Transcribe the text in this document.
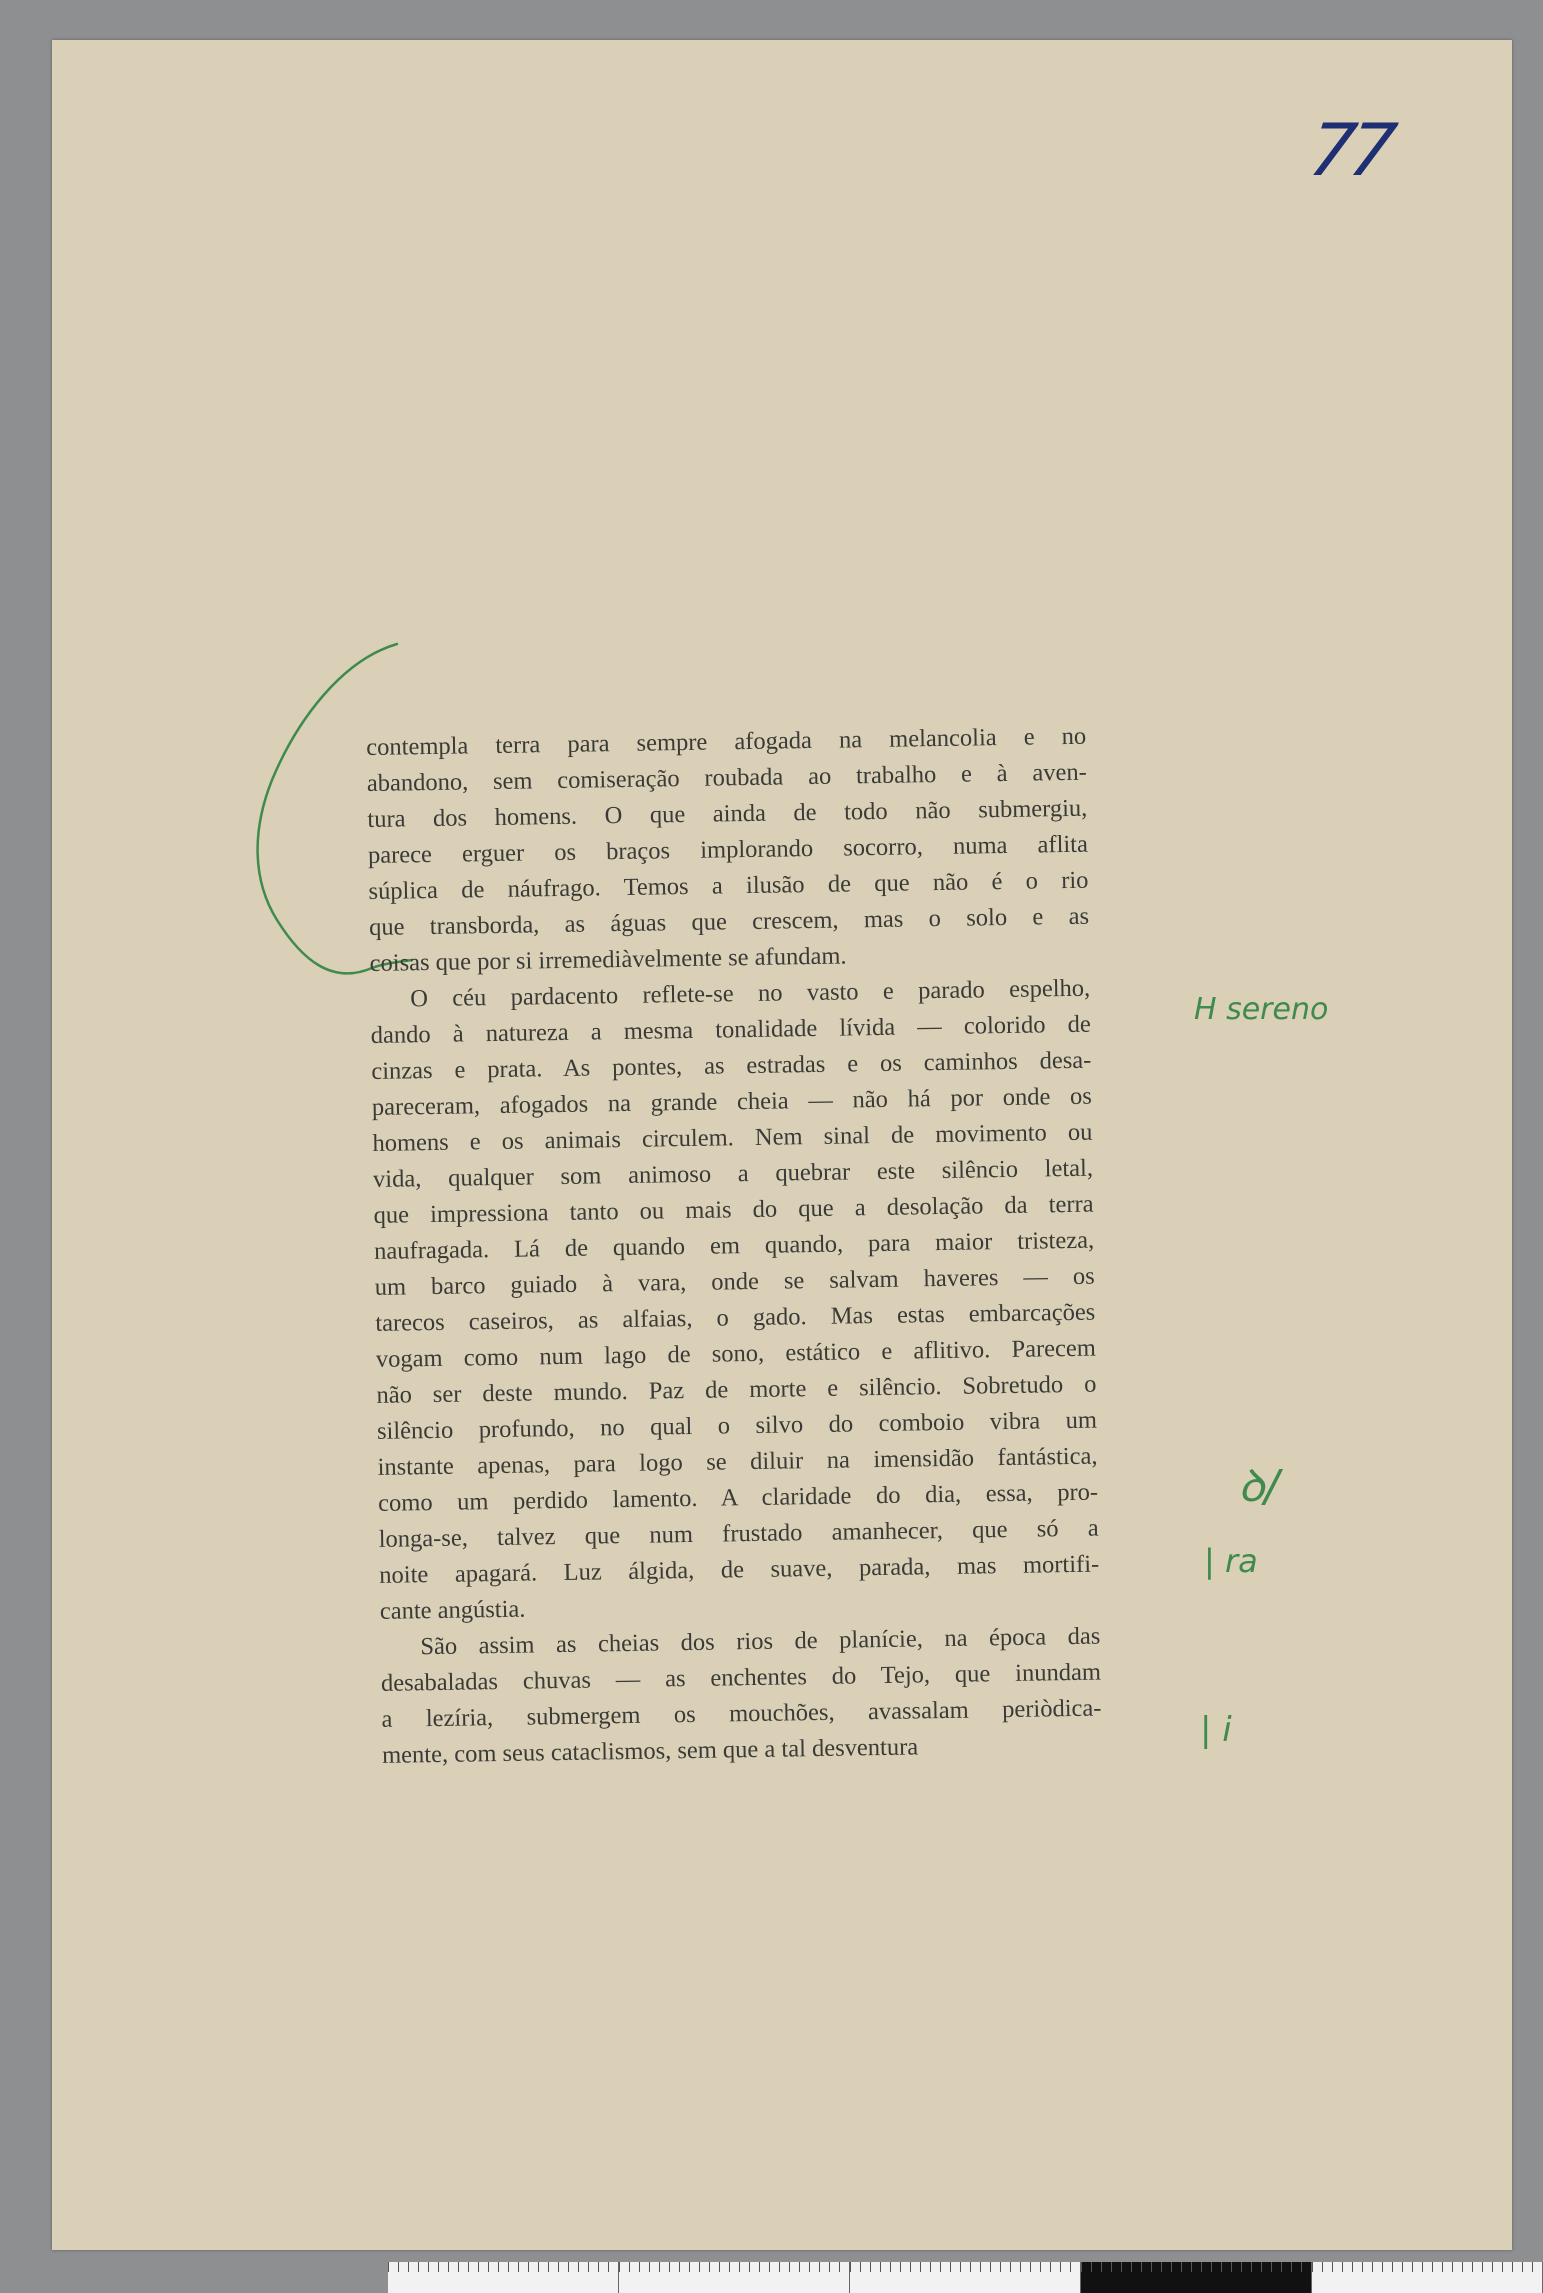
77
contempla terra para sempre afogada na melancolia e no
abandono, sem comiseração roubada ao trabalho e à aven-
tura dos homens. O que ainda de todo não submergiu,
parece erguer os braços implorando socorro, numa aflita
súplica de náufrago. Temos a ilusão de que não é o rio
que transborda, as águas que crescem, mas o solo e as
coisas que por si irremediàvelmente se afundam.
O céu pardacento reflete-se no vasto e parado espelho,
dando à natureza a mesma tonalidade lívida — colorido de
cinzas e prata. As pontes, as estradas e os caminhos desa-
pareceram, afogados na grande cheia — não há por onde os
homens e os animais circulem. Nem sinal de movimento ou
vida, qualquer som animoso a quebrar este silêncio letal,
que impressiona tanto ou mais do que a desolação da terra
naufragada. Lá de quando em quando, para maior tristeza,
um barco guiado à vara, onde se salvam haveres — os
tarecos caseiros, as alfaias, o gado. Mas estas embarcações
vogam como num lago de sono, estático e aflitivo. Parecem
não ser deste mundo. Paz de morte e silêncio. Sobretudo o
silêncio profundo, no qual o silvo do comboio vibra um
instante apenas, para logo se diluir na imensidão fantástica,
como um perdido lamento. A claridade do dia, essa, pro-
longa-se, talvez que num frustado amanhecer, que só a
noite apagará. Luz álgida, de suave, parada, mas mortifi-
cante angústia.
São assim as cheias dos rios de planície, na época das
desabaladas chuvas — as enchentes do Tejo, que inundam
a lezíria, submergem os mouchões, avassalam periòdica-
mente, com seus cataclismos, sem que a tal desventura
H sereno
ꝺ/
| ra
| i
